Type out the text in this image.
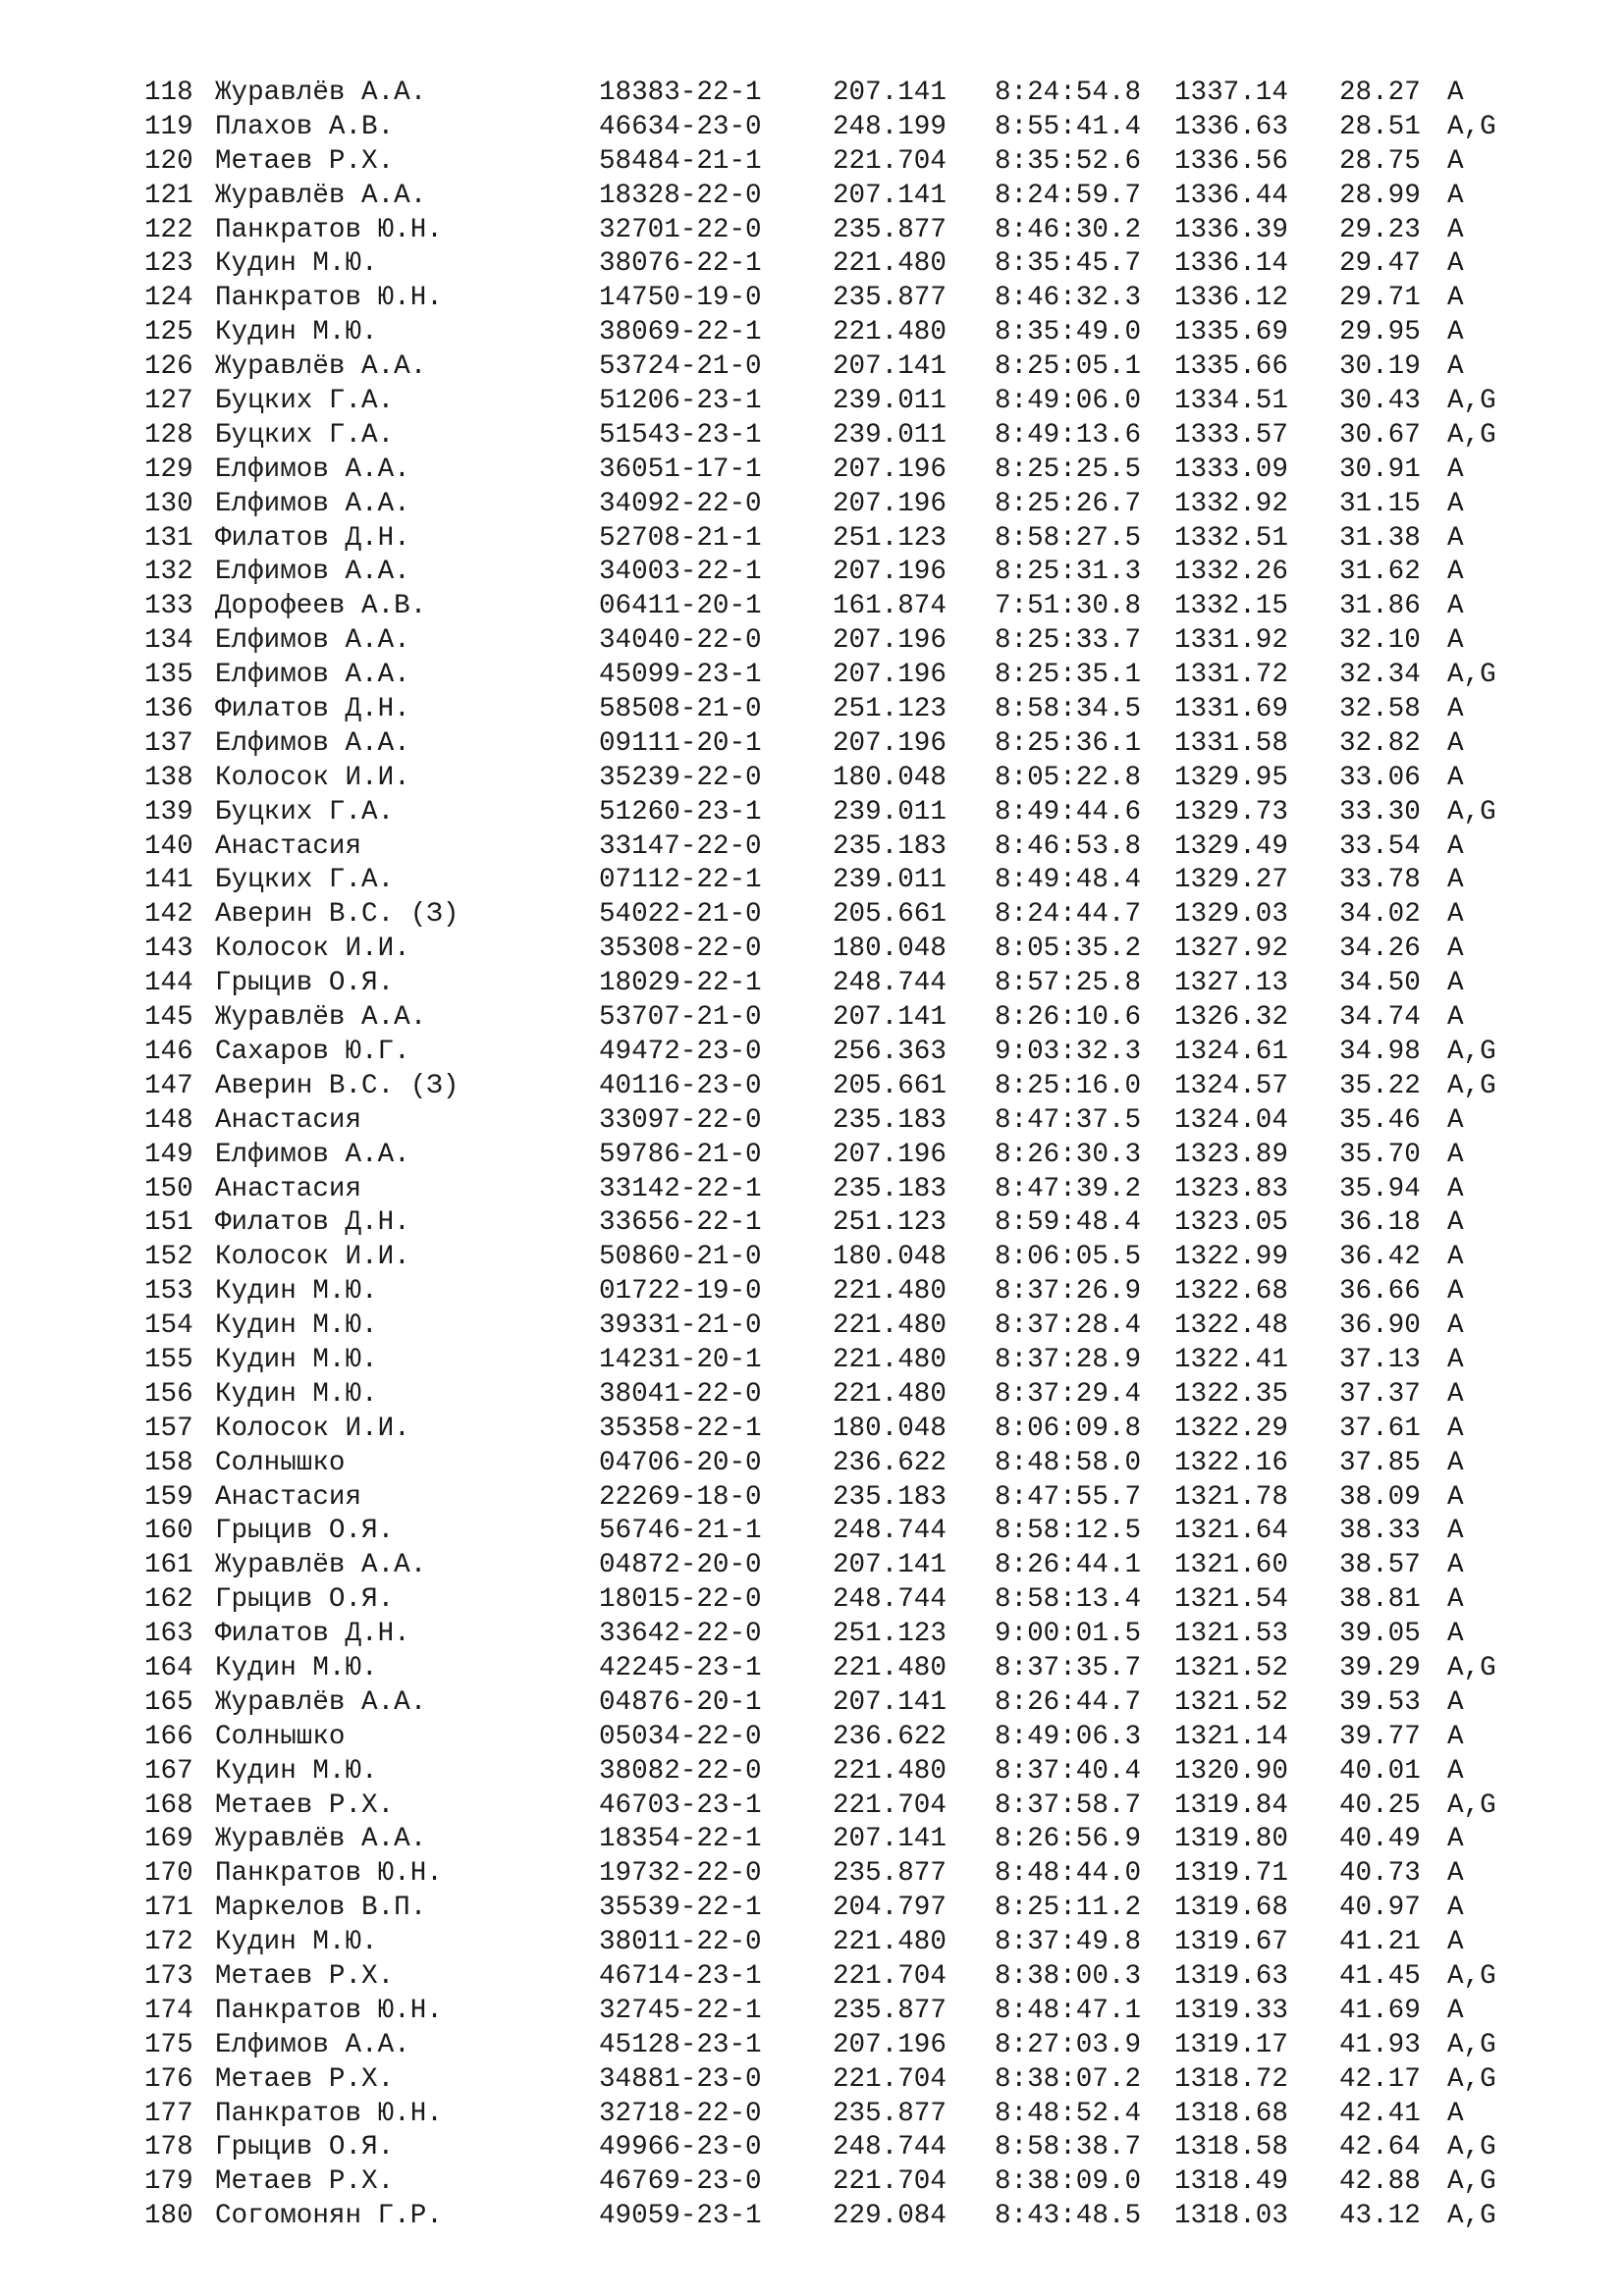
118 Журавлёв А.А.	18383-22-1	207.141 8:24:54.8 1337.14 28.27 A
119 Плахов А.В.	46634-23-0	248.199 8:55:41.4 1336.63 28.51 A,G
120 Метаев Р.Х.	58484-21-1	221.704 8:35:52.6 1336.56 28.75 A
121 Журавлёв А.А.	18328-22-0	207.141 8:24:59.7 1336.44 28.99 A
122 Панкратов Ю.Н.	32701-22-0	235.877 8:46:30.2 1336.39 29.23 A
123 Кудин М.Ю.	38076-22-1	221.480 8:35:45.7 1336.14 29.47 A
124 Панкратов Ю.Н.	14750-19-0	235.877 8:46:32.3 1336.12 29.71 A
125 Кудин М.Ю.	38069-22-1	221.480 8:35:49.0 1335.69 29.95 A
126 Журавлёв А.А.	53724-21-0	207.141 8:25:05.1 1335.66 30.19 A
127 Буцких Г.А.	51206-23-1	239.011 8:49:06.0 1334.51 30.43 A,G
128 Буцких Г.А.	51543-23-1	239.011 8:49:13.6 1333.57 30.67 A,G
129 Елфимов А.А.	36051-17-1	207.196 8:25:25.5 1333.09 30.91 A
130 Елфимов А.А.	34092-22-0	207.196 8:25:26.7 1332.92 31.15 A
131 Филатов Д.Н.	52708-21-1	251.123 8:58:27.5 1332.51 31.38 A
132 Елфимов А.А.	34003-22-1	207.196 8:25:31.3 1332.26 31.62 A
133 Дорофеев А.В.	06411-20-1	161.874 7:51:30.8 1332.15 31.86 A
134 Елфимов А.А.	34040-22-0	207.196 8:25:33.7 1331.92 32.10 A
135 Елфимов А.А.	45099-23-1	207.196 8:25:35.1 1331.72 32.34 A,G
136 Филатов Д.Н.	58508-21-0	251.123 8:58:34.5 1331.69 32.58 A
137 Елфимов А.А.	09111-20-1	207.196 8:25:36.1 1331.58 32.82 A
138 Колосок И.И.	35239-22-0	180.048 8:05:22.8 1329.95 33.06 A
139 Буцких Г.А.	51260-23-1	239.011 8:49:44.6 1329.73 33.30 A,G
140 Анастасия	33147-22-0	235.183 8:46:53.8 1329.49 33.54 A
141 Буцких Г.А.	07112-22-1	239.011 8:49:48.4 1329.27 33.78 A
142 Аверин В.С. (З)	54022-21-0	205.661 8:24:44.7 1329.03 34.02 A
143 Колосок И.И.	35308-22-0	180.048 8:05:35.2 1327.92 34.26 A
144 Грыцив О.Я.	18029-22-1	248.744 8:57:25.8 1327.13 34.50 A
145 Журавлёв А.А.	53707-21-0	207.141 8:26:10.6 1326.32 34.74 A
146 Сахаров Ю.Г.	49472-23-0	256.363 9:03:32.3 1324.61 34.98 A,G
147 Аверин В.С. (З)	40116-23-0	205.661 8:25:16.0 1324.57 35.22 A,G
148 Анастасия	33097-22-0	235.183 8:47:37.5 1324.04 35.46 A
149 Елфимов А.А.	59786-21-0	207.196 8:26:30.3 1323.89 35.70 A
150 Анастасия	33142-22-1	235.183 8:47:39.2 1323.83 35.94 A
151 Филатов Д.Н.	33656-22-1	251.123 8:59:48.4 1323.05 36.18 A
152 Колосок И.И.	50860-21-0	180.048 8:06:05.5 1322.99 36.42 A
153 Кудин М.Ю.	01722-19-0	221.480 8:37:26.9 1322.68 36.66 A
154 Кудин М.Ю.	39331-21-0	221.480 8:37:28.4 1322.48 36.90 A
155 Кудин М.Ю.	14231-20-1	221.480 8:37:28.9 1322.41 37.13 A
156 Кудин М.Ю.	38041-22-0	221.480 8:37:29.4 1322.35 37.37 A
157 Колосок И.И.	35358-22-1	180.048 8:06:09.8 1322.29 37.61 A
158 Солнышко	04706-20-0	236.622 8:48:58.0 1322.16 37.85 A
159 Анастасия	22269-18-0	235.183 8:47:55.7 1321.78 38.09 A
160 Грыцив О.Я.	56746-21-1	248.744 8:58:12.5 1321.64 38.33 A
161 Журавлёв А.А.	04872-20-0	207.141 8:26:44.1 1321.60 38.57 A
162 Грыцив О.Я.	18015-22-0	248.744 8:58:13.4 1321.54 38.81 A
163 Филатов Д.Н.	33642-22-0	251.123 9:00:01.5 1321.53 39.05 A
164 Кудин М.Ю.	42245-23-1	221.480 8:37:35.7 1321.52 39.29 A,G
165 Журавлёв А.А.	04876-20-1	207.141 8:26:44.7 1321.52 39.53 A
166 Солнышко	05034-22-0	236.622 8:49:06.3 1321.14 39.77 A
167 Кудин М.Ю.	38082-22-0	221.480 8:37:40.4 1320.90 40.01 A
168 Метаев Р.Х.	46703-23-1	221.704 8:37:58.7 1319.84 40.25 A,G
169 Журавлёв А.А.	18354-22-1	207.141 8:26:56.9 1319.80 40.49 A
170 Панкратов Ю.Н.	19732-22-0	235.877 8:48:44.0 1319.71 40.73 A
171 Маркелов В.П.	35539-22-1	204.797 8:25:11.2 1319.68 40.97 A
172 Кудин М.Ю.	38011-22-0	221.480 8:37:49.8 1319.67 41.21 A
173 Метаев Р.Х.	46714-23-1	221.704 8:38:00.3 1319.63 41.45 A,G
174 Панкратов Ю.Н.	32745-22-1	235.877 8:48:47.1 1319.33 41.69 A
175 Елфимов А.А.	45128-23-1	207.196 8:27:03.9 1319.17 41.93 A,G
176 Метаев Р.Х.	34881-23-0	221.704 8:38:07.2 1318.72 42.17 A,G
177 Панкратов Ю.Н.	32718-22-0	235.877 8:48:52.4 1318.68 42.41 A
178 Грыцив О.Я.	49966-23-0	248.744 8:58:38.7 1318.58 42.64 A,G
179 Метаев Р.Х.	46769-23-0	221.704 8:38:09.0 1318.49 42.88 A,G
180 Согомонян Г.Р.	49059-23-1	229.084 8:43:48.5 1318.03 43.12 A,G
